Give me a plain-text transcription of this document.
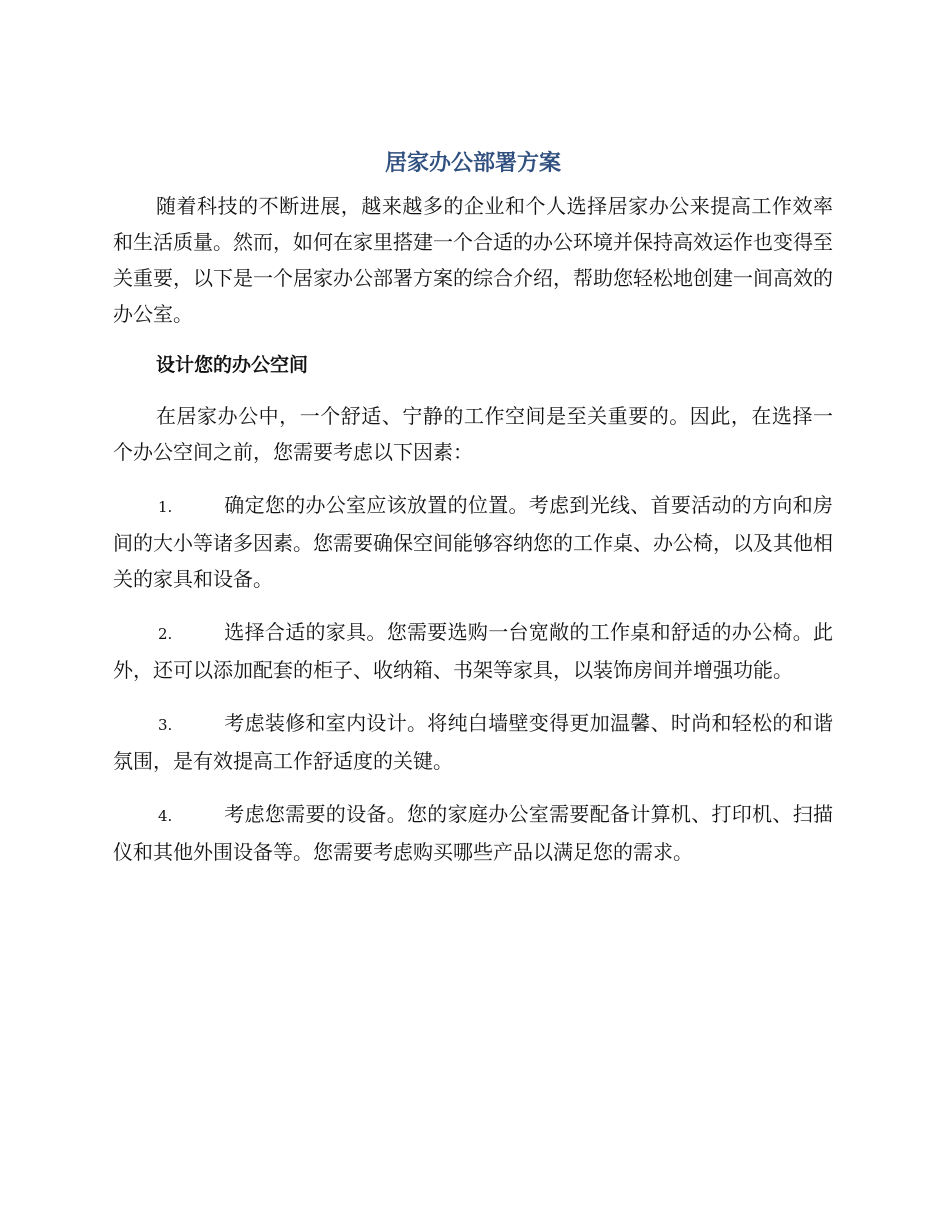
居家办公部署方案

随着科技的不断进展，越来越多的企业和个人选择居家办公来提高工作效率和生活质量。然而，如何在家里搭建一个合适的办公环境并保持高效运作也变得至关重要，以下是一个居家办公部署方案的综合介绍，帮助您轻松地创建一间高效的办公室。

设计您的办公空间

在居家办公中，一个舒适、宁静的工作空间是至关重要的。因此，在选择一个办公空间之前，您需要考虑以下因素：

1.	确定您的办公室应该放置的位置。考虑到光线、首要活动的方向和房间的大小等诸多因素。您需要确保空间能够容纳您的工作桌、办公椅，以及其他相关的家具和设备。

2.	选择合适的家具。您需要选购一台宽敞的工作桌和舒适的办公椅。此外，还可以添加配套的柜子、收纳箱、书架等家具，以装饰房间并增强功能。

3.	考虑装修和室内设计。将纯白墙壁变得更加温馨、时尚和轻松的和谐氛围，是有效提高工作舒适度的关键。

4.	考虑您需要的设备。您的家庭办公室需要配备计算机、打印机、扫描仪和其他外围设备等。您需要考虑购买哪些产品以满足您的需求。
